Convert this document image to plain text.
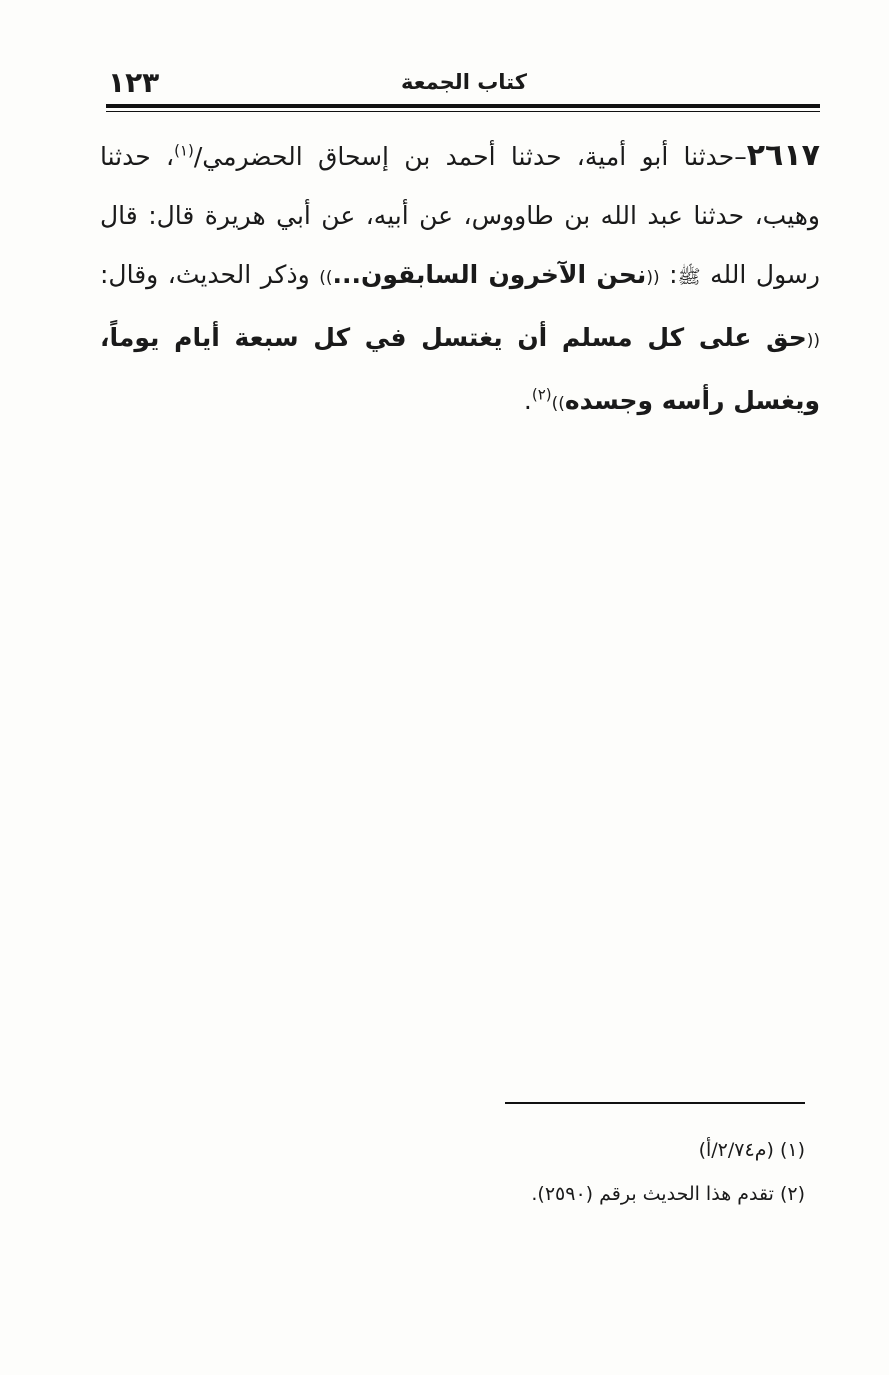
كتاب الجمعة
١٢٣
٢٦١٧–حدثنا أبو أمية، حدثنا أحمد بن إسحاق الحضرمي/$^{(١)}$، حدثنا وهيب، حدثنا عبد الله بن طاووس، عن أبيه، عن أبي هريرة قال: قال رسول الله ﷺ: ((نحن الآخرون السابقون...)) وذكر الحديث، وقال: ((حق على كل مسلم أن يغتسل في كل سبعة أيام يوماً، ويغسل رأسه وجسده))$^{(٢)}$.
(١) (م٢/٧٤/أ)
(٢) تقدم هذا الحديث برقم (٢٥٩٠).
